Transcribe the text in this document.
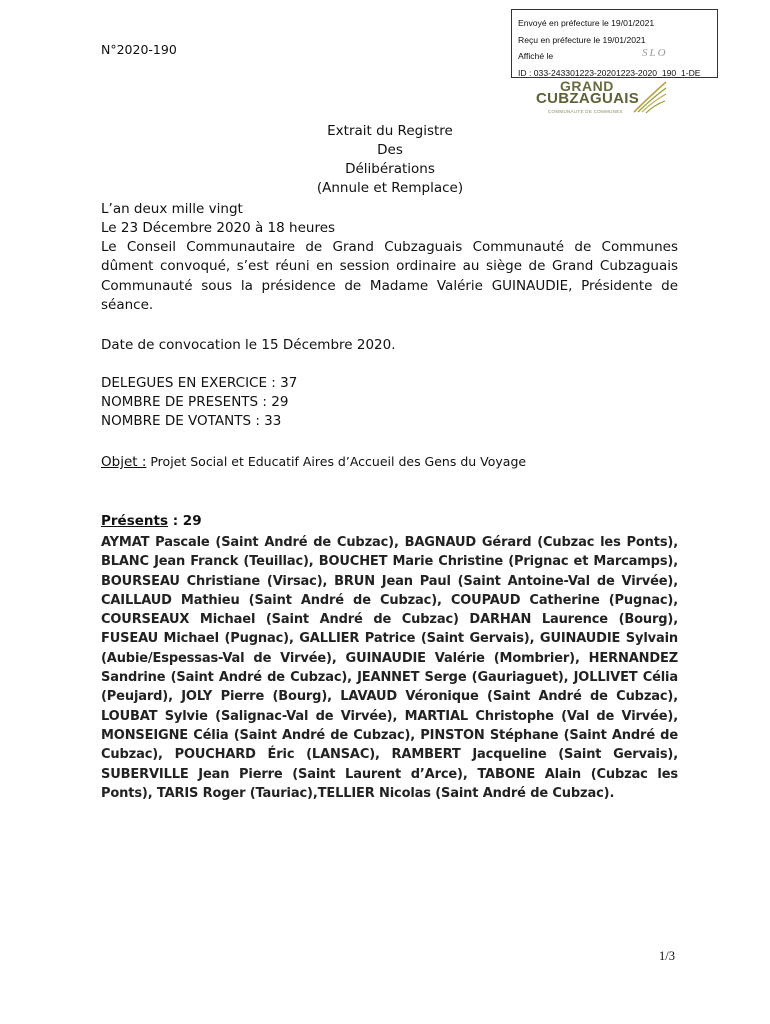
Envoyé en préfecture le 19/01/2021
Reçu en préfecture le 19/01/2021
Affiché le
ID : 033-243301223-20201223-2020_190_1-DE
SLO
N°2020-190
GRAND
CUBZAGUAIS
COMMUNAUTÉ DE COMMUNES
Extrait du Registre
Des
Délibérations
(Annule et Remplace)
L’an deux mille vingt
Le 23 Décembre 2020 à 18 heures
Le Conseil Communautaire de Grand Cubzaguais Communauté de Communes dûment convoqué, s’est réuni en session ordinaire au siège de Grand Cubzaguais Communauté sous la présidence de Madame Valérie GUINAUDIE, Présidente de séance.
Date de convocation le 15 Décembre 2020.
DELEGUES EN EXERCICE : 37
NOMBRE DE PRESENTS : 29
NOMBRE DE VOTANTS : 33
Objet : Projet Social et Educatif Aires d’Accueil des Gens du Voyage
Présents : 29
AYMAT Pascale (Saint André de Cubzac), BAGNAUD Gérard (Cubzac les Ponts), BLANC Jean Franck (Teuillac), BOUCHET Marie Christine (Prignac et Marcamps), BOURSEAU Christiane (Virsac), BRUN Jean Paul (Saint Antoine-Val de Virvée), CAILLAUD Mathieu (Saint André de Cubzac), COUPAUD Catherine (Pugnac), COURSEAUX Michael (Saint André de Cubzac) DARHAN Laurence (Bourg), FUSEAU Michael (Pugnac), GALLIER Patrice (Saint Gervais), GUINAUDIE Sylvain (Aubie/Espessas-Val de Virvée), GUINAUDIE Valérie (Mombrier), HERNANDEZ Sandrine (Saint André de Cubzac), JEANNET Serge (Gauriaguet), JOLLIVET Célia (Peujard), JOLY Pierre (Bourg), LAVAUD Véronique (Saint André de Cubzac), LOUBAT Sylvie (Salignac-Val de Virvée), MARTIAL Christophe (Val de Virvée), MONSEIGNE Célia (Saint André de Cubzac), PINSTON Stéphane (Saint André de Cubzac), POUCHARD Éric (LANSAC), RAMBERT Jacqueline (Saint Gervais), SUBERVILLE Jean Pierre (Saint Laurent d’Arce), TABONE Alain (Cubzac les Ponts), TARIS Roger (Tauriac),TELLIER Nicolas (Saint André de Cubzac).
1/3
